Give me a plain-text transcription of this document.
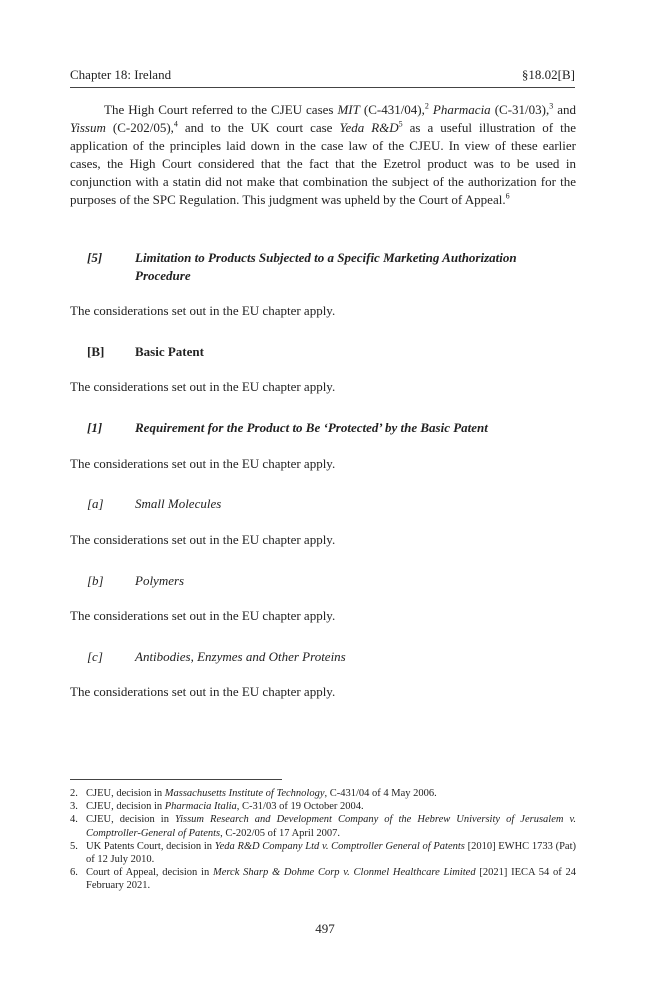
Chapter 18: Ireland	§18.02[B]

The High Court referred to the CJEU cases MIT (C-431/04),$^2$ Pharmacia (C-31/03),$^3$ and Yissum (C-202/05),$^4$ and to the UK court case Yeda $R\&D^5$ as a useful illustration of the application of the principles laid down in the case law of the CJEU. In view of these earlier cases, the High Court considered that the fact that the Ezetrol product was to be used in conjunction with a statin did not make that combination the subject of the authorization for the purposes of the SPC Regulation. This judgment was upheld by the Court of Appeal.$^6$

[5]	Limitation to Products Subjected to a Specific Marketing Authorization Procedure
The considerations set out in the EU chapter apply.
[B]	Basic Patent
The considerations set out in the EU chapter apply.
[1]	Requirement for the Product to Be ‘Protected’ by the Basic Patent
The considerations set out in the EU chapter apply.
[a]	Small Molecules
The considerations set out in the EU chapter apply.
[b]	Polymers
The considerations set out in the EU chapter apply.
[c]	Antibodies, Enzymes and Other Proteins
The considerations set out in the EU chapter apply.
2. CJEU, decision in Massachusetts Institute of Technology, C-431/04 of 4 May 2006.
3. CJEU, decision in Pharmacia Italia, C-31/03 of 19 October 2004.
4. CJEU, decision in Yissum Research and Development Company of the Hebrew University of Jerusalem v. Comptroller-General of Patents, C-202/05 of 17 April 2007.
5. UK Patents Court, decision in Yeda R&D Company Ltd v. Comptroller General of Patents [2010] EWHC 1733 (Pat) of 12 July 2010.
6. Court of Appeal, decision in Merck Sharp & Dohme Corp v. Clonmel Healthcare Limited [2021] IECA 54 of 24 February 2021.
497
